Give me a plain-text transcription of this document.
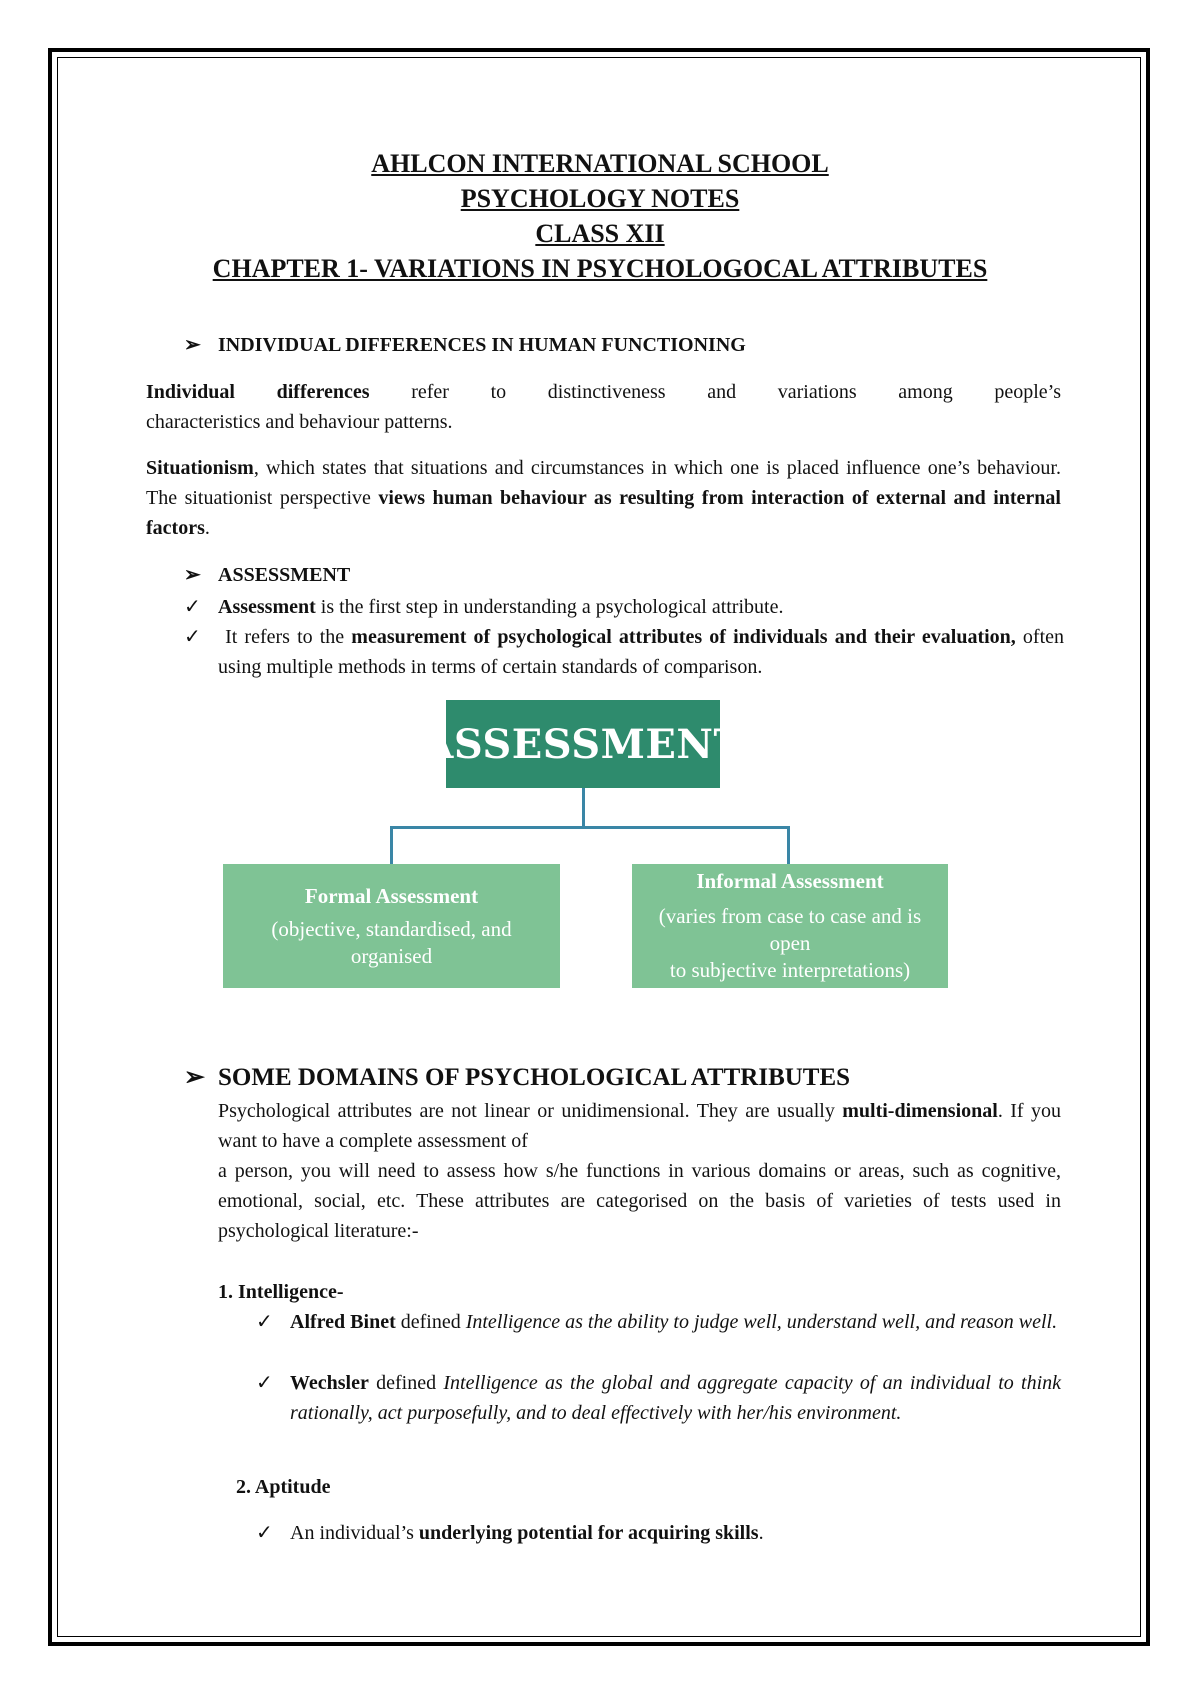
AHLCON INTERNATIONAL SCHOOL
PSYCHOLOGY NOTES
CLASS XII
CHAPTER 1- VARIATIONS IN PSYCHOLOGOCAL ATTRIBUTES
➢ INDIVIDUAL DIFFERENCES IN HUMAN FUNCTIONING
Individual differences refer to distinctiveness and variations among people’s
characteristics and behaviour patterns.
Situationism, which states that situations and circumstances in which one is placed influence one’s behaviour. The situationist perspective views human behaviour as resulting from interaction of external and internal factors.
➢ ASSESSMENT
✓ Assessment is the first step in understanding a psychological attribute.
✓	It refers to the measurement of psychological attributes of individuals and their evaluation, often using multiple methods in terms of certain standards of comparison.
ASSESSMENT
Formal Assessment
(objective, standardised, and organised
Informal Assessment
(varies from case to case and is open
to subjective interpretations)
➢ SOME DOMAINS OF PSYCHOLOGICAL ATTRIBUTES
Psychological attributes are not linear or unidimensional. They are usually multi-dimensional. If you want to have a complete assessment of
a person, you will need to assess how s/he functions in various domains or areas, such as cognitive, emotional, social, etc. These attributes are categorised on the basis of varieties of tests used in psychological literature:-
1. Intelligence-
✓ Alfred Binet defined Intelligence as the ability to judge well, understand well, and reason well.
✓ Wechsler defined Intelligence as the global and aggregate capacity of an individual to think rationally, act purposefully, and to deal effectively with her/his environment.
2. Aptitude
✓ An individual’s underlying potential for acquiring skills.
